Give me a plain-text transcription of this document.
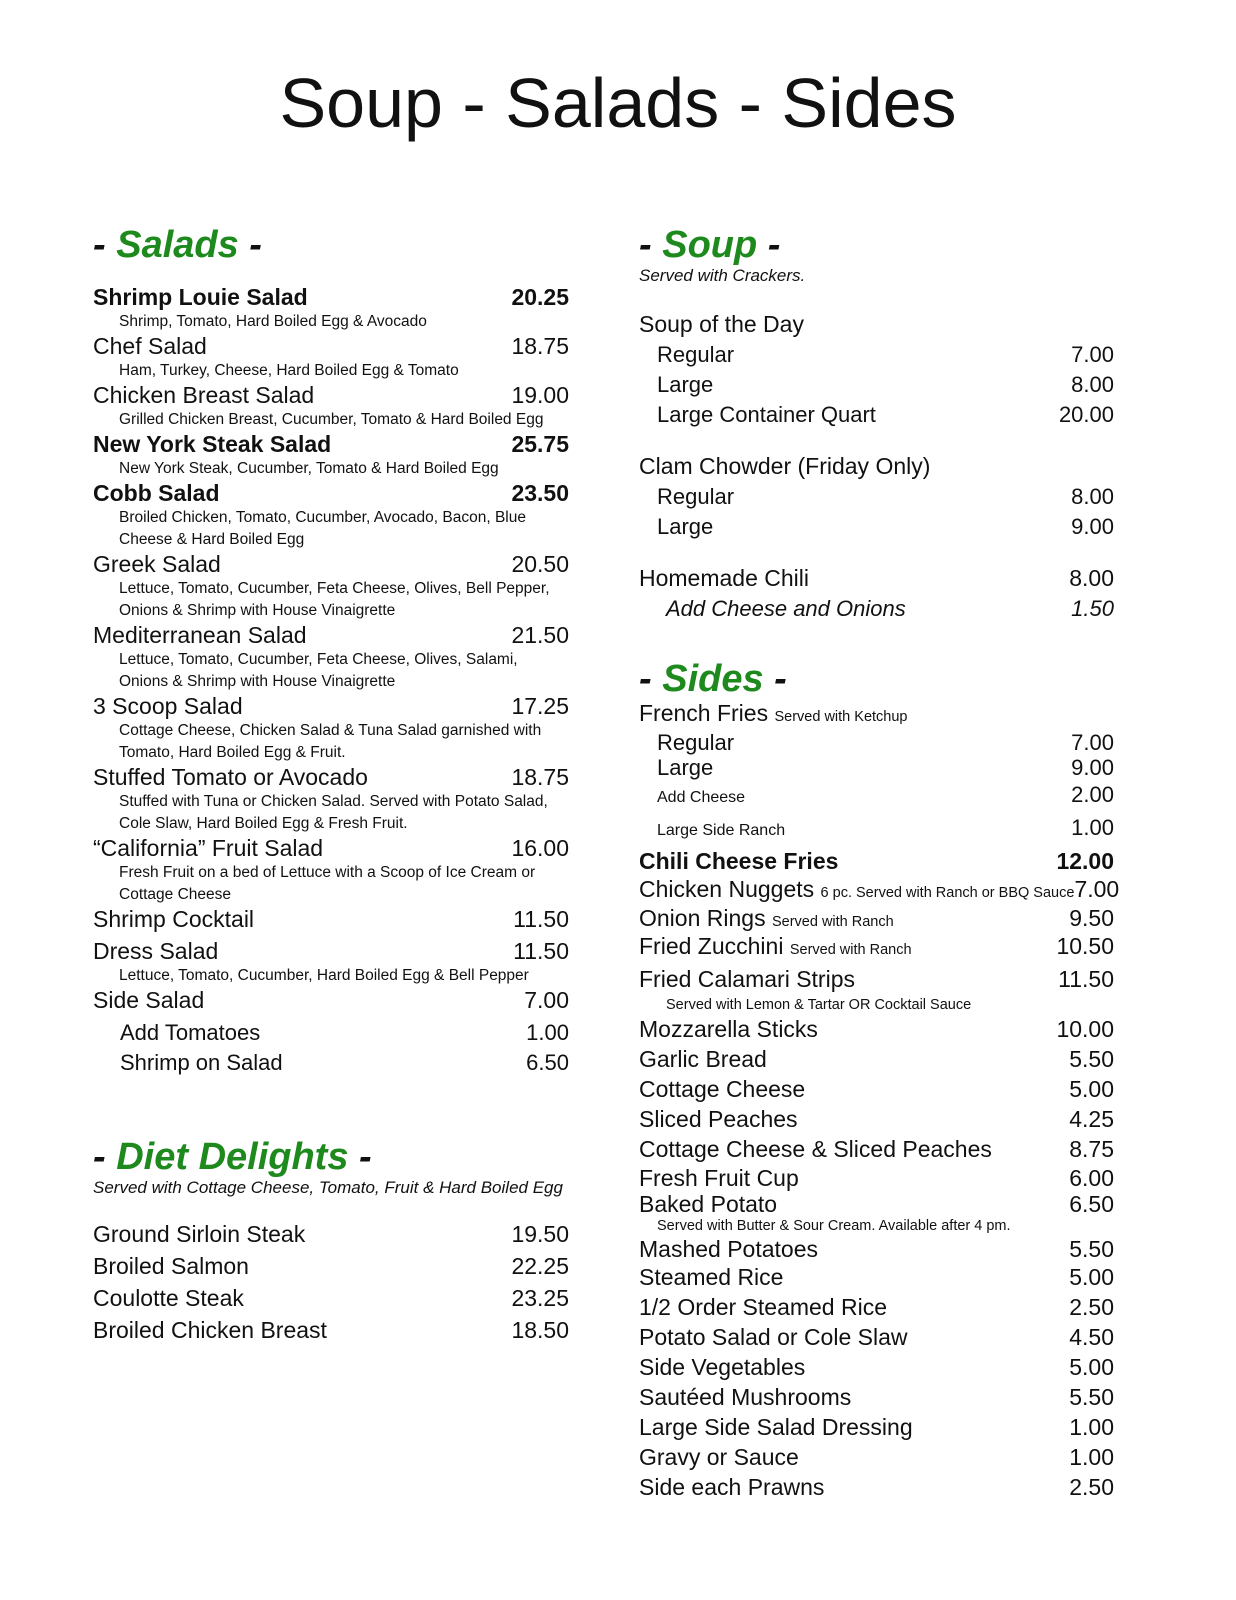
Soup - Salads - Sides
- Salads -
Shrimp Louie Salad	20.25
Shrimp, Tomato, Hard Boiled Egg & Avocado
Chef Salad	18.75
Ham, Turkey, Cheese, Hard Boiled Egg & Tomato
Chicken Breast Salad	19.00
Grilled Chicken Breast, Cucumber, Tomato & Hard Boiled Egg
New York Steak Salad	25.75
New York Steak, Cucumber, Tomato & Hard Boiled Egg
Cobb Salad	23.50
Broiled Chicken, Tomato, Cucumber, Avocado, Bacon, Blue Cheese & Hard Boiled Egg
Greek Salad	20.50
Lettuce, Tomato, Cucumber, Feta Cheese, Olives, Bell Pepper, Onions & Shrimp with House Vinaigrette
Mediterranean Salad	21.50
Lettuce, Tomato, Cucumber, Feta Cheese, Olives, Salami, Onions & Shrimp with House Vinaigrette
3 Scoop Salad	17.25
Cottage Cheese, Chicken Salad & Tuna Salad garnished with Tomato, Hard Boiled Egg & Fruit.
Stuffed Tomato or Avocado	18.75
Stuffed with Tuna or Chicken Salad. Served with Potato Salad, Cole Slaw, Hard Boiled Egg & Fresh Fruit.
“California” Fruit Salad	16.00
Fresh Fruit on a bed of Lettuce with a Scoop of Ice Cream or Cottage Cheese
Shrimp Cocktail	11.50
Dress Salad	11.50
Lettuce, Tomato, Cucumber, Hard Boiled Egg & Bell Pepper
Side Salad	7.00
Add Tomatoes	1.00
Shrimp on Salad	6.50
- Diet Delights -
Served with Cottage Cheese, Tomato, Fruit & Hard Boiled Egg
Ground Sirloin Steak	19.50
Broiled Salmon	22.25
Coulotte Steak	23.25
Broiled Chicken Breast	18.50
- Soup -
Served with Crackers.
Soup of the Day
Regular	7.00
Large	8.00
Large Container Quart	20.00
Clam Chowder (Friday Only)
Regular	8.00
Large	9.00
Homemade Chili	8.00
Add Cheese and Onions	1.50
- Sides -
French Fries Served with Ketchup
Regular	7.00
Large	9.00
Add Cheese	2.00
Large Side Ranch	1.00
Chili Cheese Fries	12.00
Chicken Nuggets 6 pc. Served with Ranch or BBQ Sauce 7.00
Onion Rings Served with Ranch	9.50
Fried Zucchini Served with Ranch	10.50
Fried Calamari Strips	11.50
Served with Lemon & Tartar OR Cocktail Sauce
Mozzarella Sticks	10.00
Garlic Bread	5.50
Cottage Cheese	5.00
Sliced Peaches	4.25
Cottage Cheese & Sliced Peaches	8.75
Fresh Fruit Cup	6.00
Baked Potato	6.50
Served with Butter & Sour Cream. Available after 4 pm.
Mashed Potatoes	5.50
Steamed Rice	5.00
1/2 Order Steamed Rice	2.50
Potato Salad or Cole Slaw	4.50
Side Vegetables	5.00
Sautéed Mushrooms	5.50
Large Side Salad Dressing	1.00
Gravy or Sauce	1.00
Side each Prawns	2.50
